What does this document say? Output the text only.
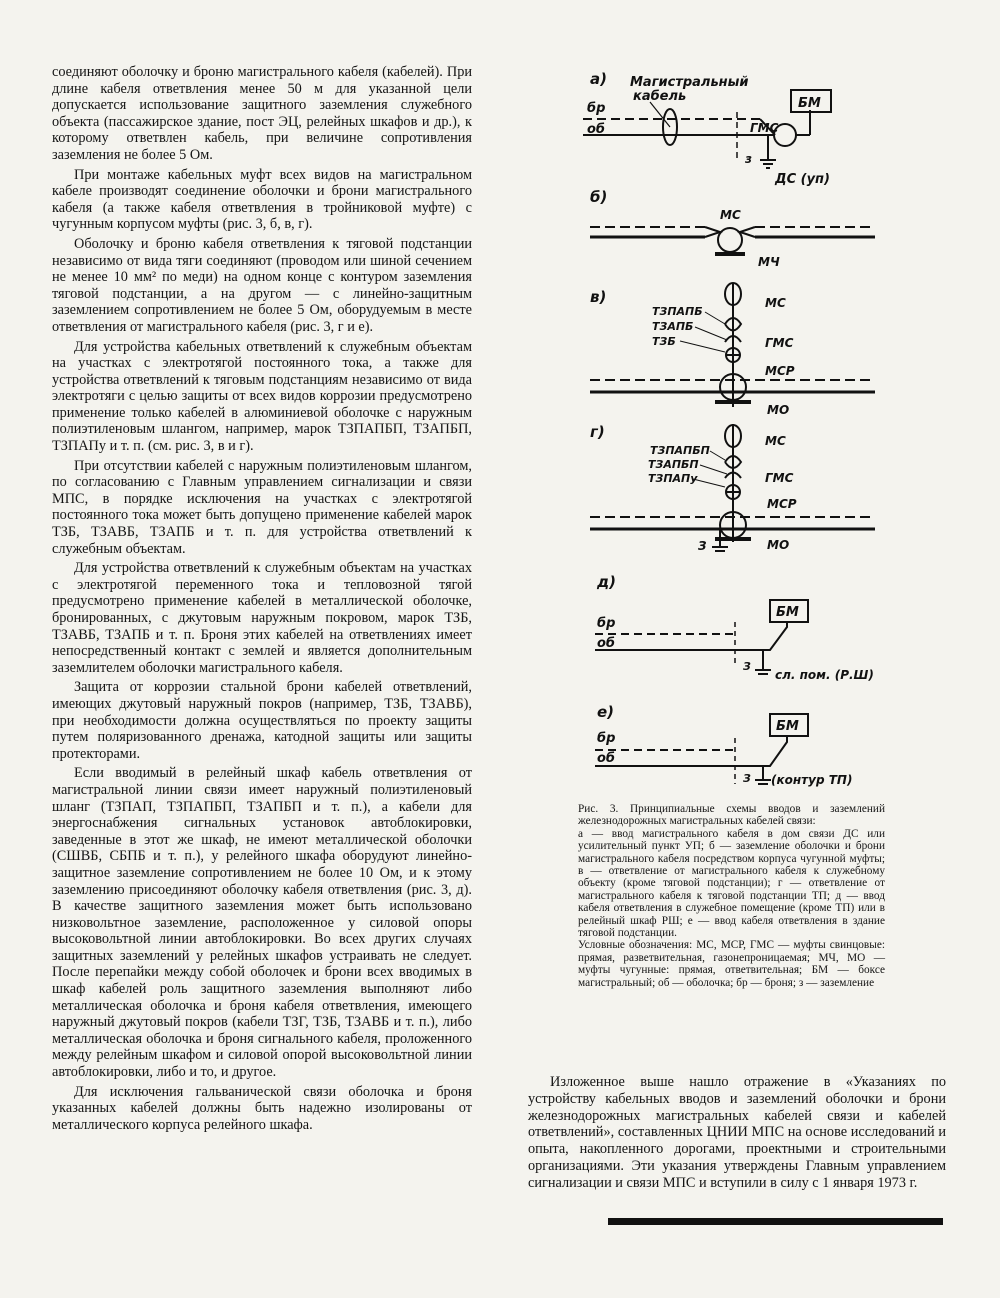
соединяют оболочку и броню магистрального кабеля (кабелей). При длине кабеля ответвления менее 50 м для указанной цели допускается использование защитного заземления служебного объекта (пассажирское здание, пост ЭЦ, релейных шкафов и др.), к которому ответвлен кабель, при величине сопротивления заземления не более 5 Ом.

При монтаже кабельных муфт всех видов на магистральном кабеле производят соединение оболочки и брони магистрального кабеля (а также кабеля ответвления в тройниковой муфте) с чугунным корпусом муфты (рис. 3, б, в, г).

Оболочку и броню кабеля ответвления к тяговой подстанции независимо от вида тяги соединяют (проводом или шиной сечением не менее 10 мм² по меди) на одном конце с контуром заземления тяговой подстанции, а на другом — с линейно-защитным заземлением сопротивлением не более 5 Ом, оборудуемым в месте ответвления от магистрального кабеля (рис. 3, г и е).

Для устройства кабельных ответвлений к служебным объектам на участках с электротягой постоянного тока, а также для устройства ответвлений к тяговым подстанциям независимо от вида электротяги с целью защиты от всех видов коррозии предусмотрено применение только кабелей в алюминиевой оболочке с наружным полиэтиленовым шлангом, например, марок ТЗПАПБП, ТЗАПБП, ТЗПАПу и т. п. (см. рис. 3, в и г).

При отсутствии кабелей с наружным полиэтиленовым шлангом, по согласованию с Главным управлением сигнализации и связи МПС, в порядке исключения на участках с электротягой постоянного тока может быть допущено применение кабелей марок ТЗБ, ТЗАВБ, ТЗАПБ и т. п. для устройства ответвлений к служебным объектам.

Для устройства ответвлений к служебным объектам на участках с электротягой переменного тока и тепловозной тягой предусмотрено применение кабелей в металлической оболочке, бронированных, с джутовым наружным покровом, марок ТЗБ, ТЗАВБ, ТЗАПБ и т. п. Броня этих кабелей на ответвлениях имеет непосредственный контакт с землей и является дополнительным заземлителем оболочки магистрального кабеля.

Защита от коррозии стальной брони кабелей ответвлений, имеющих джутовый наружный покров (например, ТЗБ, ТЗАВБ), при необходимости должна осуществляться по проекту защиты путем поляризованного дренажа, катодной защиты или защиты протекторами.

Если вводимый в релейный шкаф кабель ответвления от магистральной линии связи имеет наружный полиэтиленовый шланг (ТЗПАП, ТЗПАПБП, ТЗАПБП и т. п.), а кабели для энергоснабжения сигнальных установок автоблокировки, заведенные в этот же шкаф, не имеют металлической оболочки (СШВБ, СБПБ и т. п.), у релейного шкафа оборудуют линейно-защитное заземление сопротивлением не более 10 Ом, и к этому заземлению присоединяют оболочку кабеля ответвления (рис. 3, д). В качестве защитного заземления может быть использовано низковольтное заземление, расположенное у силовой опоры высоковольтной линии автоблокировки. Во всех других случаях защитных заземлений у релейных шкафов устраивать не следует. После перепайки между собой оболочек и брони всех вводимых в шкаф кабелей роль защитного заземления выполняют либо металлическая оболочка и броня кабеля ответвления, имеющего наружный джутовый покров (кабели ТЗГ, ТЗБ, ТЗАВБ и т. п.), либо металлическая оболочка и броня сигнального кабеля, проложенного между релейным шкафом и силовой опорой высоковольтной линии автоблокировки, либо и то, и другое.

Для исключения гальванической связи оболочка и броня указанных кабелей должны быть надежно изолированы от металлического корпуса релейного шкафа.

а) Магистральный
кабель
бр
об	ГМС
БМ
з
ДС (уп)
б)
МС
МЧ
в)
ТЗПАПБ
ТЗАПБ
ТЗБ
МС
ГМС
МСР
МО
г)
ТЗПАПБП
ТЗАПБП
ТЗПАПу
МС
ГМС
З
МСР
МО
д)
бр
об
БМ
З
сл. пом. (Р.Ш)
е)
бр
об
БМ
З (контур ТП)

Рис. 3. Принципиальные схемы вводов и заземлений железнодорожных магистральных кабелей связи:

а — ввод магистрального кабеля в дом связи ДС или усилительный пункт УП; б — заземление оболочки и брони магистрального кабеля посредством корпуса чугунной муфты; в — ответвление от магистрального кабеля к служебному объекту (кроме тяговой подстанции); г — ответвление от магистрального кабеля к тяговой подстанции ТП; д — ввод кабеля ответвления в служебное помещение (кроме ТП) или в релейный шкаф РШ; е — ввод кабеля ответвления в здание тяговой подстанции.

Условные обозначения: МС, МСР, ГМС — муфты свинцовые: прямая, разветвительная, газонепроницаемая; МЧ, МО — муфты чугунные: прямая, ответвительная; БМ — боксе магистральный; об — оболочка; бр — броня; з — заземление

Изложенное выше нашло отражение в «Указаниях по устройству кабельных вводов и заземлений оболочки и брони железнодорожных магистральных кабелей связи и кабелей ответвлений», составленных ЦНИИ МПС на основе исследований и опыта, накопленного дорогами, проектными и строительными организациями. Эти указания утверждены Главным управлением сигнализации и связи МПС и вступили в силу с 1 января 1973 г.
